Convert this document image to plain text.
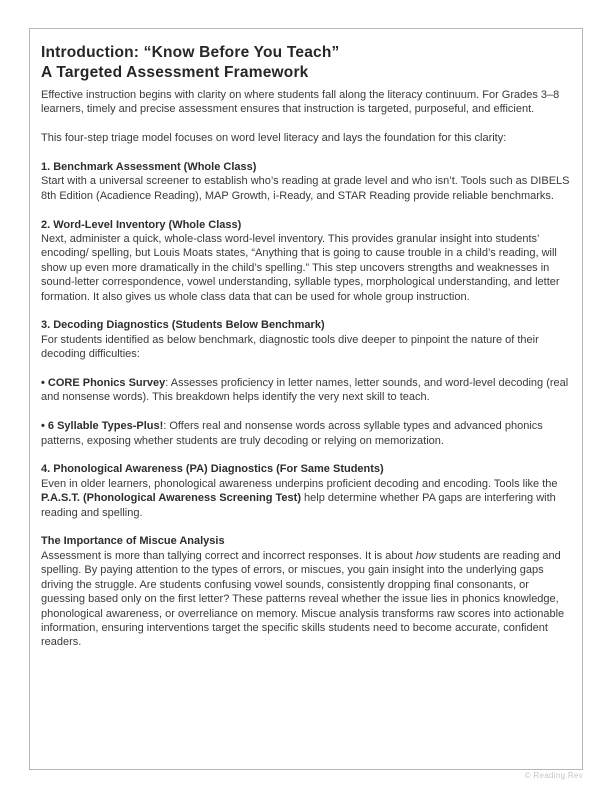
Introduction: “Know Before You Teach”
A Targeted Assessment Framework

Effective instruction begins with clarity on where students fall along the literacy continuum. For Grades 3–8 learners, timely and precise assessment ensures that instruction is targeted, purposeful, and efficient.

This four-step triage model focuses on word level literacy and lays the foundation for this clarity:

1. Benchmark Assessment (Whole Class)

Start with a universal screener to establish who’s reading at grade level and who isn’t. Tools such as DIBELS 8th Edition (Acadience Reading), MAP Growth, i-Ready, and STAR Reading provide reliable benchmarks.

2. Word-Level Inventory (Whole Class)

Next, administer a quick, whole-class word-level inventory. This provides granular insight into students’ encoding/ spelling, but Louis Moats states, “Anything that is going to cause trouble in a child’s reading, will show up even more dramatically in the child’s spelling.” This step uncovers strengths and weaknesses in sound-letter correspondence, vowel understanding, syllable types, morphological understanding, and letter formation. It also gives us whole class data that can be used for whole group instruction.

3. Decoding Diagnostics (Students Below Benchmark)

For students identified as below benchmark, diagnostic tools dive deeper to pinpoint the nature of their decoding difficulties:

• CORE Phonics Survey: Assesses proficiency in letter names, letter sounds, and word-level decoding (real and nonsense words). This breakdown helps identify the very next skill to teach.

• 6 Syllable Types-Plus!: Offers real and nonsense words across syllable types and advanced phonics patterns, exposing whether students are truly decoding or relying on memorization.

4. Phonological Awareness (PA) Diagnostics (For Same Students)

Even in older learners, phonological awareness underpins proficient decoding and encoding. Tools like the P.A.S.T. (Phonological Awareness Screening Test) help determine whether PA gaps are interfering with reading and spelling.

The Importance of Miscue Analysis

Assessment is more than tallying correct and incorrect responses. It is about how students are reading and spelling. By paying attention to the types of errors, or miscues, you gain insight into the underlying gaps driving the struggle. Are students confusing vowel sounds, consistently dropping final consonants, or guessing based only on the first letter? These patterns reveal whether the issue lies in phonics knowledge, phonological awareness, or overreliance on memory. Miscue analysis transforms raw scores into actionable information, ensuring interventions target the specific skills students need to become accurate, confident readers.

© Reading Rev
